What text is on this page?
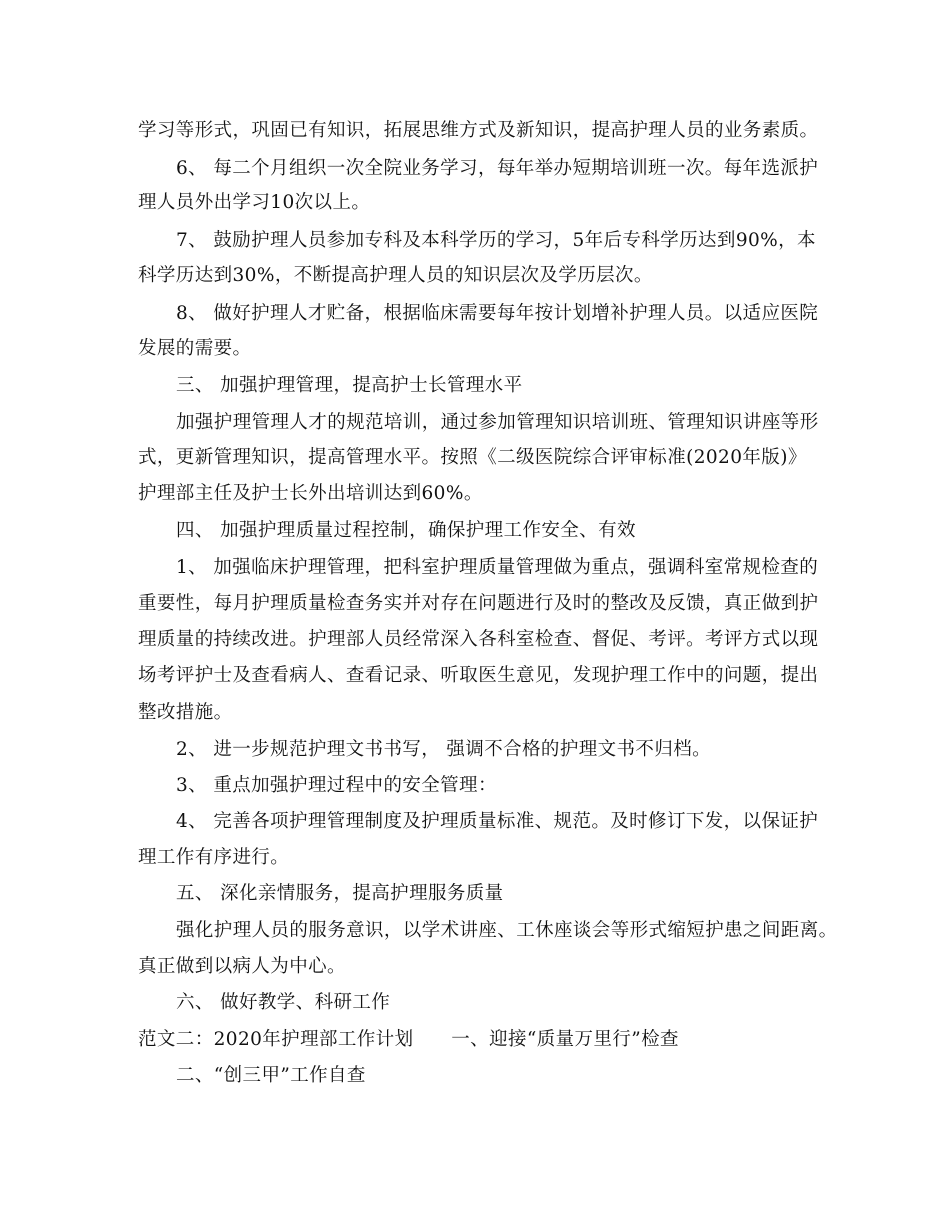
学习等形式，巩固已有知识，拓展思维方式及新知识，提高护理人员的业务素质。
6、 每二个月组织一次全院业务学习，每年举办短期培训班一次。每年选派护
理人员外出学习10次以上。
7、 鼓励护理人员参加专科及本科学历的学习，5年后专科学历达到90%，本
科学历达到30%，不断提高护理人员的知识层次及学历层次。
8、 做好护理人才贮备，根据临床需要每年按计划增补护理人员。以适应医院
发展的需要。
三、 加强护理管理，提高护士长管理水平
加强护理管理人才的规范培训，通过参加管理知识培训班、管理知识讲座等形
式，更新管理知识，提高管理水平。按照《二级医院综合评审标准(2020年版)》
护理部主任及护士长外出培训达到60%。
四、 加强护理质量过程控制，确保护理工作安全、有效
1、 加强临床护理管理，把科室护理质量管理做为重点，强调科室常规检查的
重要性，每月护理质量检查务实并对存在问题进行及时的整改及反馈，真正做到护
理质量的持续改进。护理部人员经常深入各科室检查、督促、考评。考评方式以现
场考评护士及查看病人、查看记录、听取医生意见，发现护理工作中的问题，提出
整改措施。
2、 进一步规范护理文书书写， 强调不合格的护理文书不归档。
3、 重点加强护理过程中的安全管理：
4、 完善各项护理管理制度及护理质量标准、规范。及时修订下发，以保证护
理工作有序进行。
五、 深化亲情服务，提高护理服务质量
强化护理人员的服务意识，以学术讲座、工休座谈会等形式缩短护患之间距离。
真正做到以病人为中心。
六、 做好教学、科研工作
范文二：2020年护理部工作计划　　一、迎接“质量万里行”检查
二、“创三甲”工作自查
